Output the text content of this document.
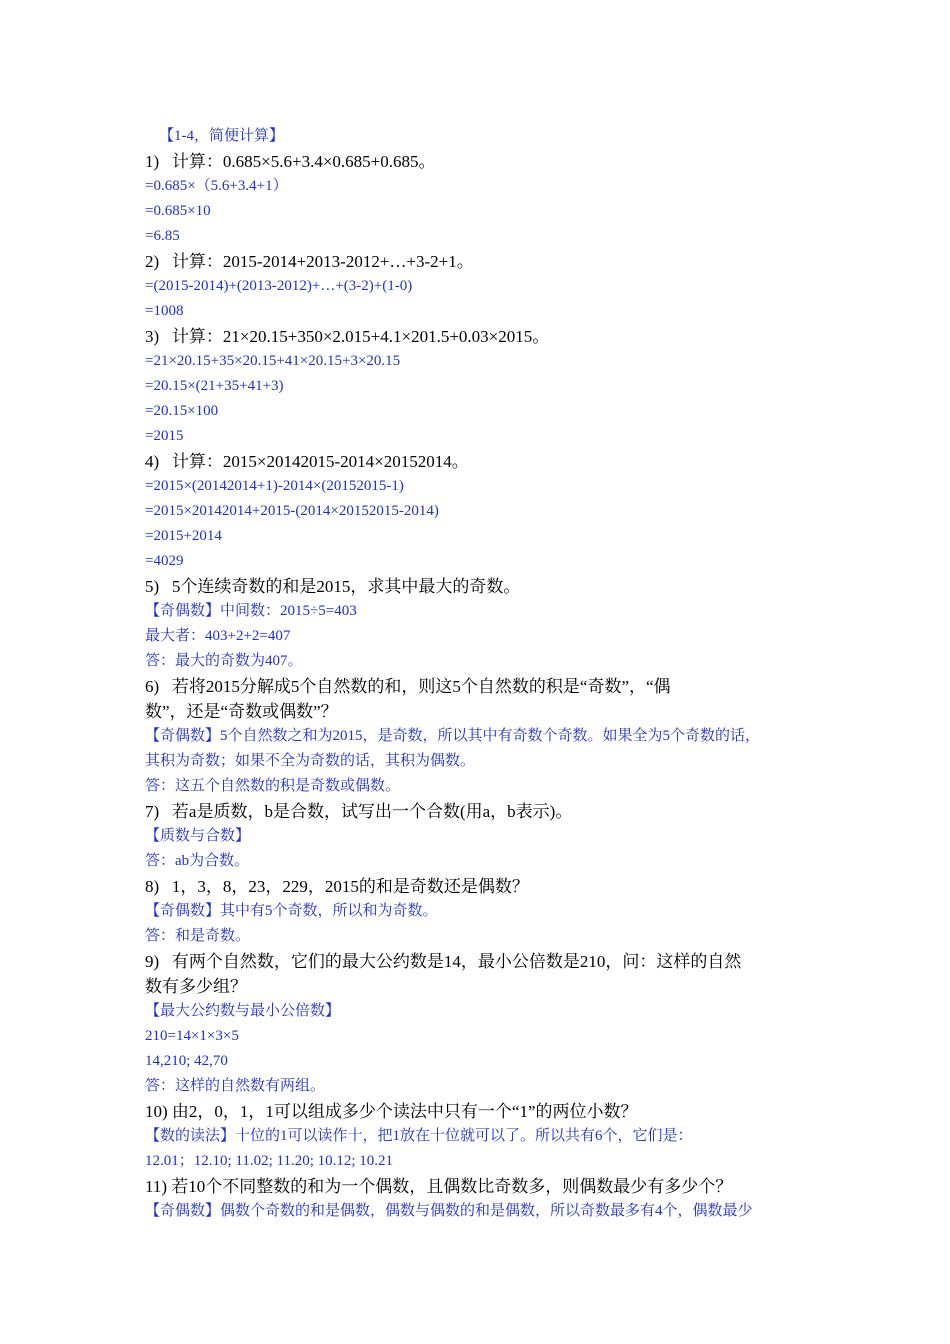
【1-4，简便计算】
1)   计算：0.685×5.6+3.4×0.685+0.685。
=0.685×（5.6+3.4+1）
=0.685×10
=6.85
2)   计算：2015-2014+2013-2012+…+3-2+1。
=(2015-2014)+(2013-2012)+…+(3-2)+(1-0)
=1008
3)   计算：21×20.15+350×2.015+4.1×201.5+0.03×2015。
=21×20.15+35×20.15+41×20.15+3×20.15
=20.15×(21+35+41+3)
=20.15×100
=2015
4)   计算：2015×20142015-2014×20152014。
=2015×(20142014+1)-2014×(20152015-1)
=2015×20142014+2015-(2014×20152015-2014)
=2015+2014
=4029
5)   5个连续奇数的和是2015，求其中最大的奇数。
【奇偶数】中间数：2015÷5=403
最大者：403+2+2=407
答：最大的奇数为407。
6)   若将2015分解成5个自然数的和，则这5个自然数的积是“奇数”，“偶
数”，还是“奇数或偶数”？
【奇偶数】5个自然数之和为2015，是奇数，所以其中有奇数个奇数。如果全为5个奇数的话，
其积为奇数；如果不全为奇数的话，其积为偶数。
答：这五个自然数的积是奇数或偶数。
7)   若a是质数，b是合数，试写出一个合数(用a，b表示)。
【质数与合数】
答：ab为合数。
8)   1，3，8，23，229，2015的和是奇数还是偶数？
【奇偶数】其中有5个奇数，所以和为奇数。
答：和是奇数。
9)   有两个自然数，它们的最大公约数是14，最小公倍数是210，问：这样的自然
数有多少组？
【最大公约数与最小公倍数】
210=14×1×3×5
14,210; 42,70
答：这样的自然数有两组。
10) 由2，0，1，1可以组成多少个读法中只有一个“1”的两位小数？
【数的读法】十位的1可以读作十，把1放在十位就可以了。所以共有6个，它们是：
12.01；12.10; 11.02; 11.20; 10.12; 10.21
11) 若10个不同整数的和为一个偶数，且偶数比奇数多，则偶数最少有多少个？
【奇偶数】偶数个奇数的和是偶数，偶数与偶数的和是偶数，所以奇数最多有4个，偶数最少
